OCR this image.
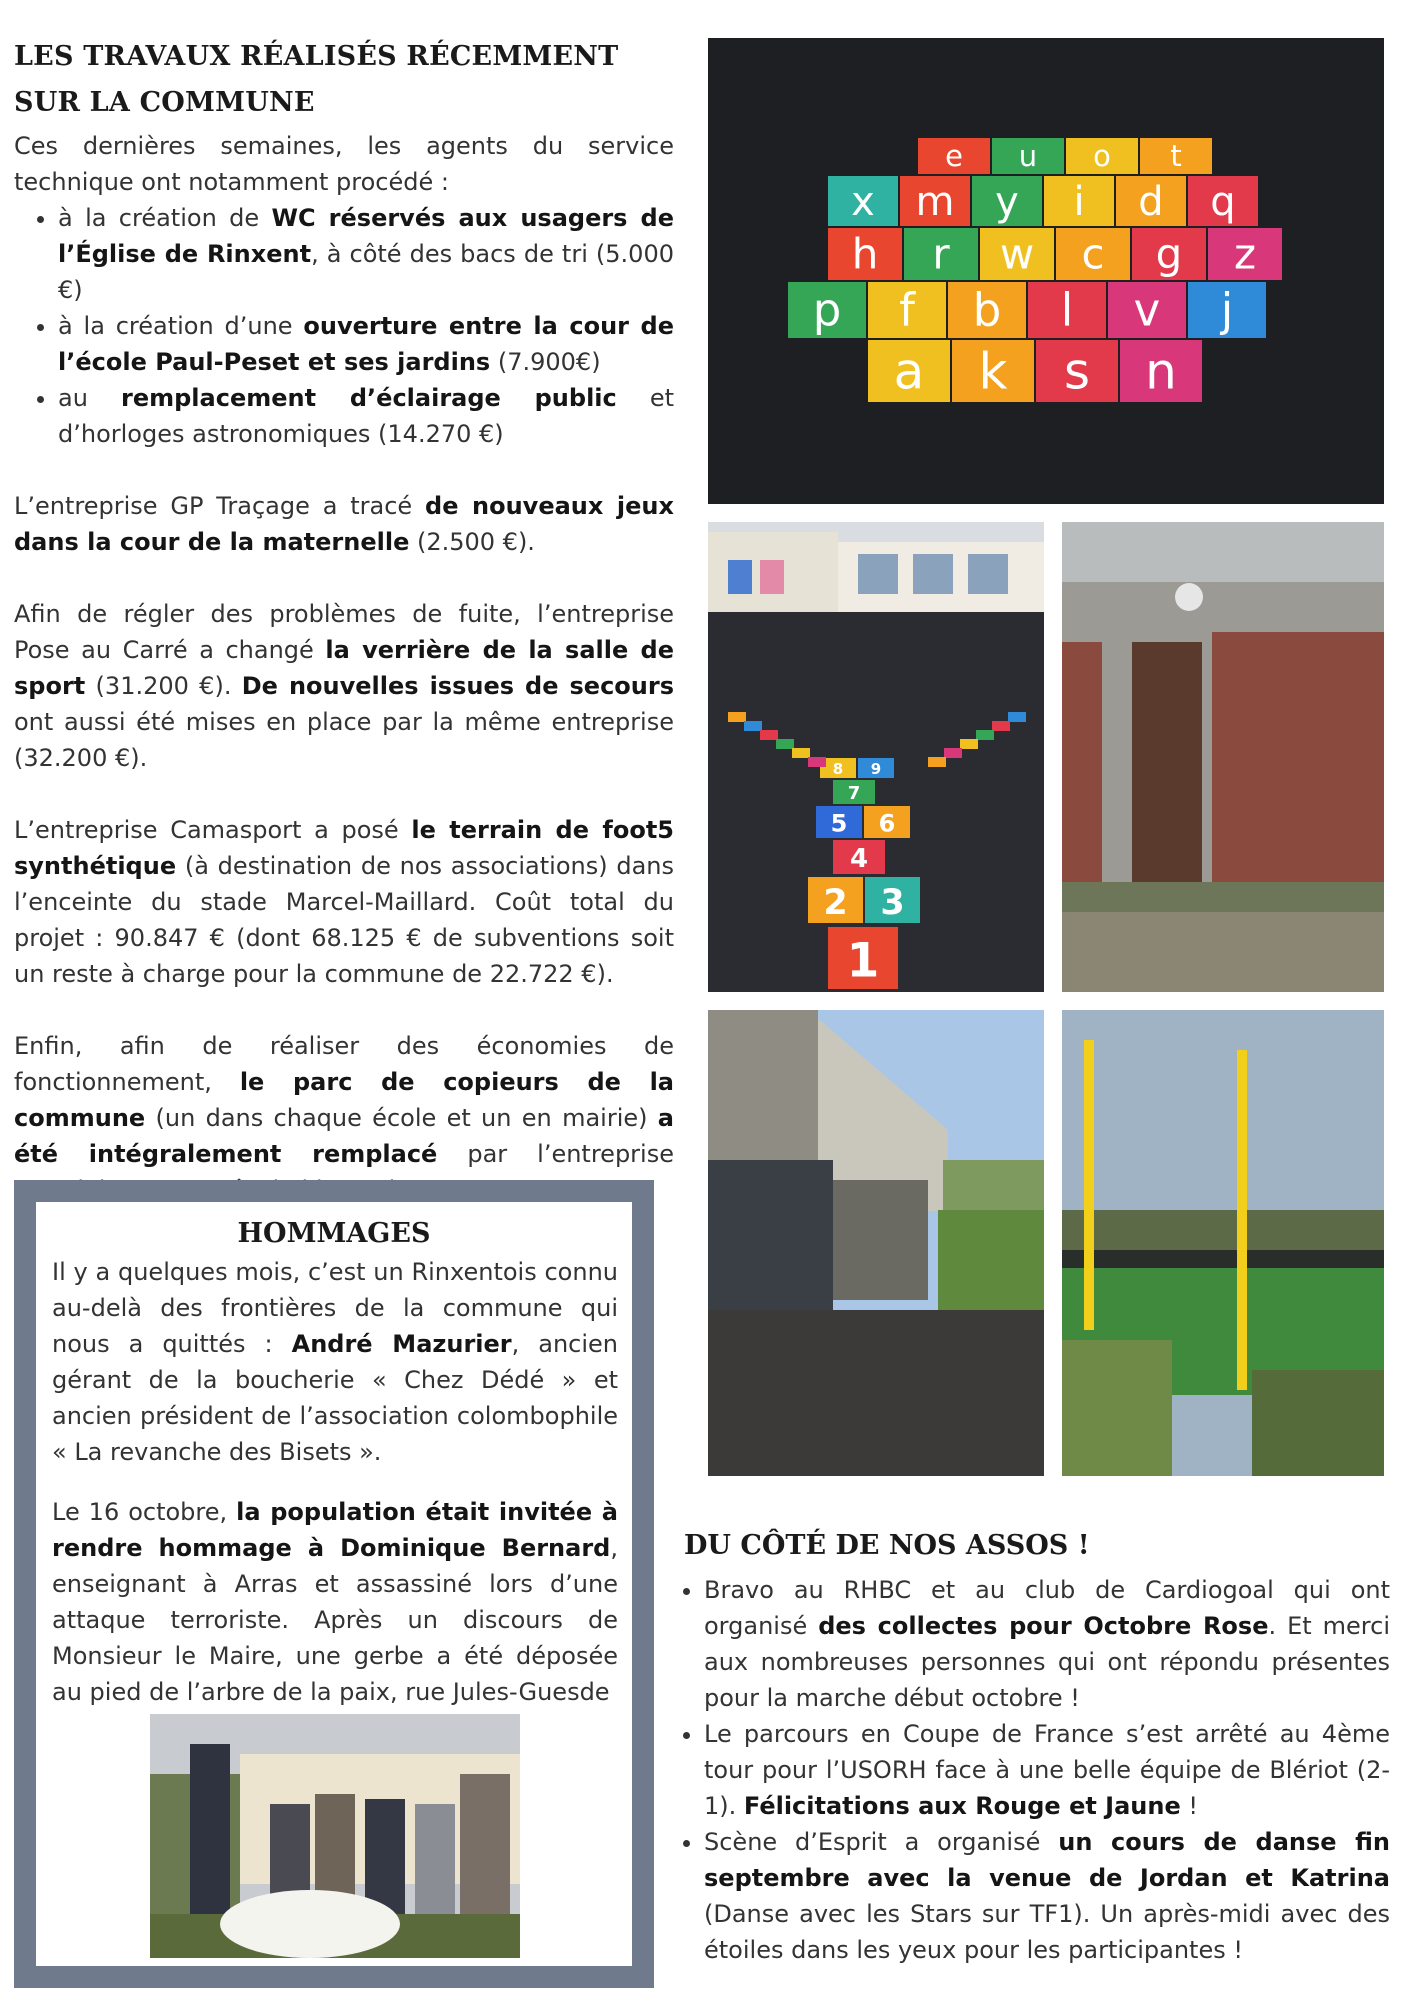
LES TRAVAUX RÉALISÉS RÉCEMMENT SUR LA COMMUNE

Ces dernières semaines, les agents du service technique ont notamment procédé :

• à la création de WC réservés aux usagers de l’Église de Rinxent, à côté des bacs de tri (5.000 €)
• à la création d’une ouverture entre la cour de l’école Paul-Peset et ses jardins (7.900€)
• au remplacement d’éclairage public et d’horloges astronomiques (14.270 €)

L’entreprise GP Traçage a tracé de nouveaux jeux dans la cour de la maternelle (2.500 €).

Afin de régler des problèmes de fuite, l’entreprise Pose au Carré a changé la verrière de la salle de sport (31.200 €). De nouvelles issues de secours ont aussi été mises en place par la même entreprise (32.200 €).

L’entreprise Camasport a posé le terrain de foot5 synthétique (à destination de nos associations) dans l’enceinte du stade Marcel-Maillard. Coût total du projet : 90.847 € (dont 68.125 € de subventions soit un reste à charge pour la commune de 22.722 €).

Enfin, afin de réaliser des économies de fonctionnement, le parc de copieurs de la commune (un dans chaque école et un en mairie) a été intégralement remplacé par l’entreprise

e u o t
x m y i d q
h r w c g z
p f b l v j
a k s n
1
2 3
4
5 6
7
8 9
HOMMAGES

Il y a quelques mois, c’est un Rinxentois connu au-delà des frontières de la commune qui nous a quittés : André Mazurier, ancien gérant de la boucherie « Chez Dédé » et ancien président de l’association colombophile « La revanche des Bisets ».

Le 16 octobre, la population était invitée à rendre hommage à Dominique Bernard, enseignant à Arras et assassiné lors d’une attaque terroriste. Après un discours de Monsieur le Maire, une gerbe a été déposée au pied de l’arbre de la paix, rue Jules-Guesde

DU CÔTÉ DE NOS ASSOS !
• Bravo au RHBC et au club de Cardiogoal qui ont organisé des collectes pour Octobre Rose. Et merci aux nombreuses personnes qui ont répondu présentes pour la marche début octobre !
• Le parcours en Coupe de France s’est arrêté au 4ème tour pour l’USORH face à une belle équipe de Blériot (2-1). Félicitations aux Rouge et Jaune !
• Scène d’Esprit a organisé un cours de danse fin septembre avec la venue de Jordan et Katrina (Danse avec les Stars sur TF1). Un après-midi avec des étoiles dans les yeux pour les participantes !
